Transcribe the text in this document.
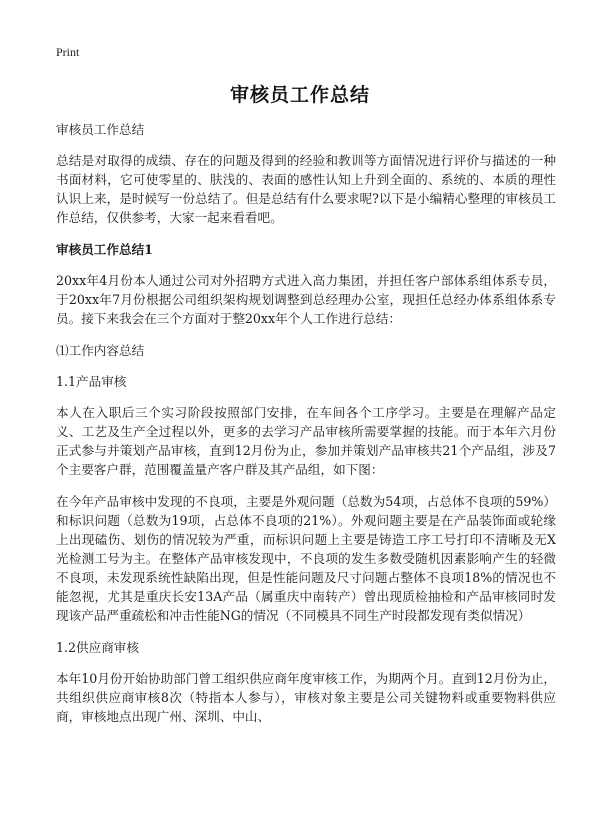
Print
审核员工作总结

审核员工作总结

总结是对取得的成绩、存在的问题及得到的经验和教训等方面情况进行评价与描述的一种书面材料，它可使零星的、肤浅的、表面的感性认知上升到全面的、系统的、本质的理性认识上来，是时候写一份总结了。但是总结有什么要求呢?以下是小编精心整理的审核员工作总结，仅供参考，大家一起来看看吧。

审核员工作总结1

20xx年4月份本人通过公司对外招聘方式进入高力集团，并担任客户部体系组体系专员，于20xx年7月份根据公司组织架构规划调整到总经理办公室，现担任总经办体系组体系专员。接下来我会在三个方面对于整20xx年个人工作进行总结：

⑴工作内容总结

1.1产品审核

本人在入职后三个实习阶段按照部门安排，在车间各个工序学习。主要是在理解产品定义、工艺及生产全过程以外，更多的去学习产品审核所需要掌握的技能。而于本年六月份正式参与并策划产品审核，直到12月份为止，参加并策划产品审核共21个产品组，涉及7个主要客户群，范围覆盖量产客户群及其产品组，如下图：

在今年产品审核中发现的不良项，主要是外观问题（总数为54项，占总体不良项的59%）和标识问题（总数为19项，占总体不良项的21%）。外观问题主要是在产品装饰面或轮缘上出现磕伤、划伤的情况较为严重，而标识问题上主要是铸造工序工号打印不清晰及无X光检测工号为主。在整体产品审核发现中，不良项的发生多数受随机因素影响产生的轻微不良项，未发现系统性缺陷出现，但是性能问题及尺寸问题占整体不良项18%的情况也不能忽视，尤其是重庆长安13A产品（属重庆中南转产）曾出现质检抽检和产品审核同时发现该产品严重疏松和冲击性能NG的情况（不同模具不同生产时段都发现有类似情况）

1.2供应商审核

本年10月份开始协助部门曾工组织供应商年度审核工作，为期两个月。直到12月份为止，共组织供应商审核8次（特指本人参与），审核对象主要是公司关键物料或重要物料供应商，审核地点出现广州、深圳、中山、
